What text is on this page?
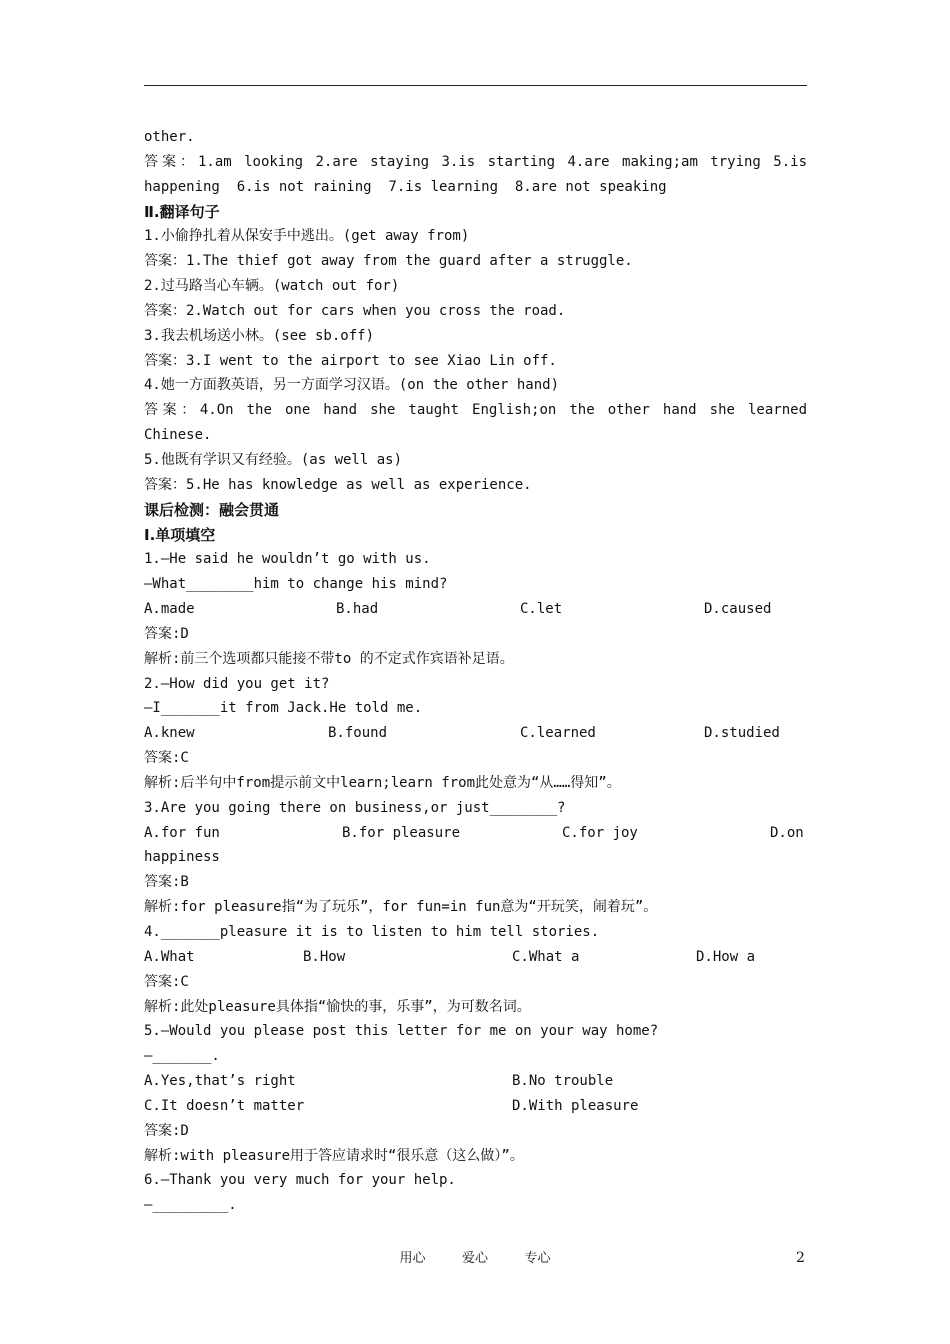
other.
答案：1.am looking 2.are staying 3.is starting 4.are making;am trying 5.is
happening  6.is not raining  7.is learning  8.are not speaking
Ⅱ.翻译句子
1.小偷挣扎着从保安手中逃出。(get away from)
答案：1.The thief got away from the guard after a struggle.
2.过马路当心车辆。(watch out for)
答案：2.Watch out for cars when you cross the road.
3.我去机场送小林。(see sb.off)
答案：3.I went to the airport to see Xiao Lin off.
4.她一方面教英语，另一方面学习汉语。(on the other hand)
答案：4.On the one hand she taught English;on the other hand she learned
Chinese.
5.他既有学识又有经验。(as well as)
答案：5.He has knowledge as well as experience.
课后检测：融会贯通
Ⅰ.单项填空
1.—He said he wouldn’t go with us.
—What________him to change his mind?

A.made

	B.had

	C.let

	D.caused

答案:D
解析:前三个选项都只能接不带to 的不定式作宾语补足语。
2.—How did you get it?
—I_______it from Jack.He told me.

A.knew

	B.found

	C.learned

	D.studied

答案:C
解析:后半句中from提示前文中learn;learn from此处意为“从……得知”。
3.Are you going there on business,or just________?

A.for fun

	B.for pleasure

	C.for joy

	D.on

happiness
答案:B
解析:for pleasure指“为了玩乐”，for fun=in fun意为“开玩笑，闹着玩”。
4._______pleasure it is to listen to him tell stories.

A.What

	B.How

	C.What a

	D.How a

答案:C
解析:此处pleasure具体指“愉快的事，乐事”，为可数名词。
5.—Would you please post this letter for me on your way home?
—_______.

A.Yes,that’s right

	B.No trouble

C.It doesn’t matter

	D.With pleasure

答案:D
解析:with pleasure用于答应请求时“很乐意（这么做）”。
6.—Thank you very much for your help.
—_________.
用心	爱心	专心	2
